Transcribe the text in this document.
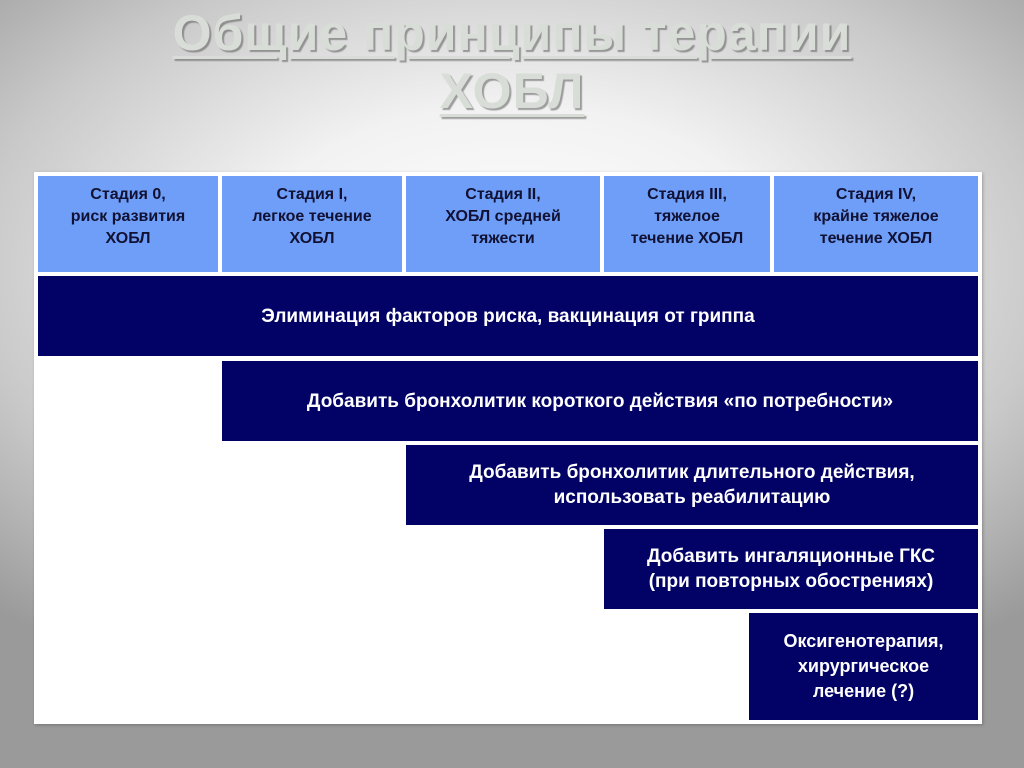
Общие принципы терапии
ХОБЛ
Стадия 0,
риск развития
ХОБЛ
Стадия I,
легкое течение
ХОБЛ
Стадия II,
ХОБЛ средней
тяжести
Стадия III,
тяжелое
течение ХОБЛ
Стадия IV,
крайне тяжелое
течение ХОБЛ
Элиминация факторов риска, вакцинация от гриппа
Добавить бронхолитик короткого действия «по потребности»
Добавить бронхолитик длительного действия,
использовать реабилитацию
Добавить ингаляционные ГКС
(при повторных обострениях)
Оксигенотерапия,
хирургическое
лечение (?)
